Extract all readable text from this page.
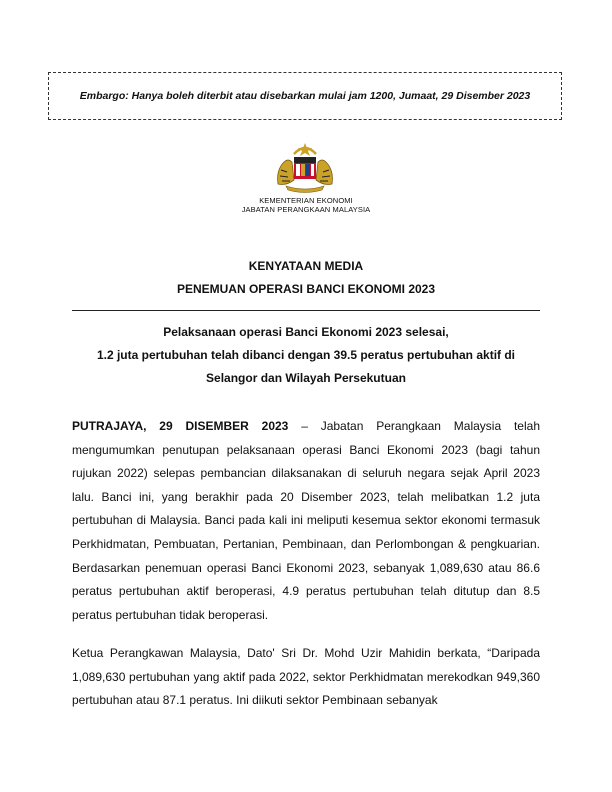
Embargo: Hanya boleh diterbit atau disebarkan mulai jam 1200, Jumaat, 29 Disember 2023
KEMENTERIAN EKONOMI
JABATAN PERANGKAAN MALAYSIA
KENYATAAN MEDIA
PENEMUAN OPERASI BANCI EKONOMI 2023
Pelaksanaan operasi Banci Ekonomi 2023 selesai,
1.2 juta pertubuhan telah dibanci dengan 39.5 peratus pertubuhan aktif di
Selangor dan Wilayah Persekutuan
PUTRAJAYA, 29 DISEMBER 2023 – Jabatan Perangkaan Malaysia telah mengumumkan penutupan pelaksanaan operasi Banci Ekonomi 2023 (bagi tahun rujukan 2022) selepas pembancian dilaksanakan di seluruh negara sejak April 2023 lalu. Banci ini, yang berakhir pada 20 Disember 2023, telah melibatkan 1.2 juta pertubuhan di Malaysia. Banci pada kali ini meliputi kesemua sektor ekonomi termasuk Perkhidmatan, Pembuatan, Pertanian, Pembinaan, dan Perlombongan & pengkuarian. Berdasarkan penemuan operasi Banci Ekonomi 2023, sebanyak 1,089,630 atau 86.6 peratus pertubuhan aktif beroperasi, 4.9 peratus pertubuhan telah ditutup dan 8.5 peratus pertubuhan tidak beroperasi.
Ketua Perangkawan Malaysia, Dato' Sri Dr. Mohd Uzir Mahidin berkata, “Daripada 1,089,630 pertubuhan yang aktif pada 2022, sektor Perkhidmatan merekodkan 949,360 pertubuhan atau 87.1 peratus. Ini diikuti sektor Pembinaan sebanyak
